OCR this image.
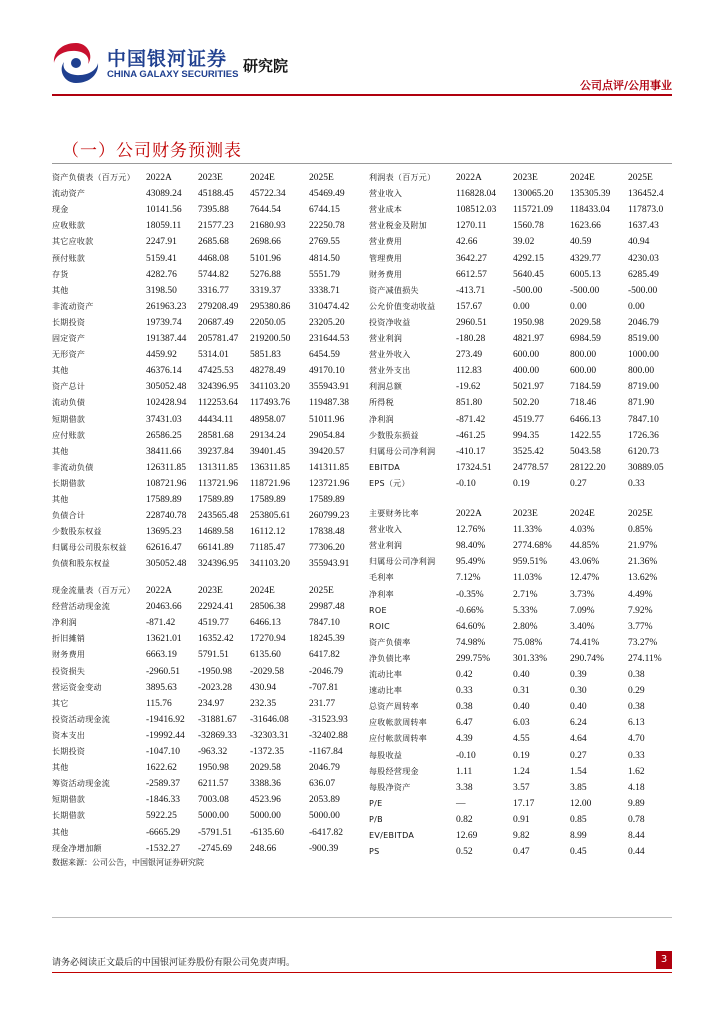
中国银河证券
CHINA GALAXY SECURITIES 研究院
公司点评/公用事业
（一）公司财务预测表
资产负债表（百万元） 2022A	2023E	2024E	2025E
流动资产	43089.24 45188.45 45722.34 45469.49
现金	10141.56 7395.88 7644.54	6744.15
应收账款	18059.11 21577.23 21680.93 22250.78
其它应收款	2247.91 2685.68 2698.66	2769.55
预付账款	5159.41 4468.08 5101.96	4814.50
存货	4282.76 5744.82 5276.88	5551.79
其他	3198.50 3316.77 3319.37	3338.71
非流动资产	261963.23 279208.49 295380.86 310474.42
长期投资	19739.74 20687.49 22050.05 23205.20
固定资产	191387.44 205781.47 219200.50 231644.53
无形资产	4459.92 5314.01 5851.83	6454.59
其他	46376.14 47425.53 48278.49 49170.10
资产总计	305052.48 324396.95 341103.20 355943.91
流动负债	102428.94 112253.64 117493.76 119487.38
短期借款	37431.03 44434.11 48958.07 51011.96
应付账款	26586.25 28581.68 29134.24 29054.84
其他	38411.66 39237.84 39401.45 39420.57
非流动负债	126311.85 131311.85 136311.85 141311.85
长期借款	108721.96 113721.96 118721.96 123721.96
其他	17589.89 17589.89 17589.89 17589.89
负债合计	228740.78 243565.48 253805.61 260799.23
少数股东权益	13695.23 14689.58 16112.12 17838.48
归属母公司股东权益 62616.47 66141.89 71185.47 77306.20
负债和股东权益	305052.48 324396.95 341103.20 355943.91
现金流量表（百万元） 2022A	2023E	2024E	2025E
经营活动现金流	20463.66 22924.41 28506.38 29987.48
净利润	-871.42 4519.77 6466.13	7847.10
折旧摊销	13621.01 16352.42 17270.94 18245.39
财务费用	6663.19 5791.51 6135.60	6417.82
投资损失	-2960.51 -1950.98 -2029.58	-2046.79
营运资金变动	3895.63 -2023.28 430.94	-707.81
其它	115.76	234.97	232.35	231.77
投资活动现金流	-19416.92 -31881.67 -31646.08 -31523.93
资本支出	-19992.44 -32869.33 -32303.31 -32402.88
长期投资	-1047.10 -963.32 -1372.35	-1167.84
其他	1622.62 1950.98 2029.58	2046.79
筹资活动现金流	-2589.37 6211.57 3388.36	636.07
短期借款	-1846.33 7003.08 4523.96	2053.89
长期借款	5922.25 5000.00 5000.00	5000.00
其他	-6665.29 -5791.51 -6135.60	-6417.82
现金净增加额	-1532.27 -2745.69 248.66	-900.39
利润表（百万元） 2022A	2023E	2024E	2025E
营业收入	116828.04 130065.20 135305.39 136452.4
营业成本	108512.03 115721.09 118433.04 117873.0
营业税金及附加	1270.11	1560.78	1623.66	1637.43
营业费用	42.66	39.02	40.59	40.94
管理费用	3642.27	4292.15	4329.77	4230.03
财务费用	6612.57	5640.45	6005.13	6285.49
资产减值损失	-413.71	-500.00	-500.00	-500.00
公允价值变动收益 157.67	0.00	0.00	0.00
投资净收益	2960.51	1950.98	2029.58	2046.79
营业利润	-180.28	4821.97	6984.59	8519.00
营业外收入	273.49	600.00	800.00	1000.00
营业外支出	112.83	400.00	600.00	800.00
利润总额	-19.62	5021.97	7184.59	8719.00
所得税	851.80	502.20	718.46	871.90
净利润	-871.42	4519.77	6466.13	7847.10
少数股东损益	-461.25	994.35	1422.55	1726.36
归属母公司净利润 -410.17	3525.42	5043.58	6120.73
EBITDA	17324.51 24778.57 28122.20 30889.05
EPS（元）	-0.10	0.19	0.27	0.33
主要财务比率	2022A	2023E	2024E	2025E
营业收入	12.76%	11.33%	4.03%	0.85%
营业利润	98.40%	2774.68% 44.85%	21.97%
归属母公司净利润 95.49%	959.51% 43.06%	21.36%
毛利率	7.12%	11.03%	12.47%	13.62%
净利率	-0.35%	2.71%	3.73%	4.49%
ROE	-0.66%	5.33%	7.09%	7.92%
ROIC	64.60%	2.80%	3.40%	3.77%
资产负债率	74.98%	75.08%	74.41%	73.27%
净负债比率	299.75% 301.33% 290.74%	274.11%
流动比率	0.42	0.40	0.39	0.38
速动比率	0.33	0.31	0.30	0.29
总资产周转率	0.38	0.40	0.40	0.38
应收帐款周转率	6.47	6.03	6.24	6.13
应付帐款周转率	4.39	4.55	4.64	4.70
每股收益	-0.10	0.19	0.27	0.33
每股经营现金	1.11	1.24	1.54	1.62
每股净资产	3.38	3.57	3.85	4.18
P/E	—	17.17	12.00	9.89
P/B	0.82	0.91	0.85	0.78
EV/EBITDA	12.69	9.82	8.99	8.44
PS	0.52	0.47	0.45	0.44
数据来源：公司公告，中国银河证券研究院
请务必阅读正文最后的中国银河证券股份有限公司免责声明。	3
